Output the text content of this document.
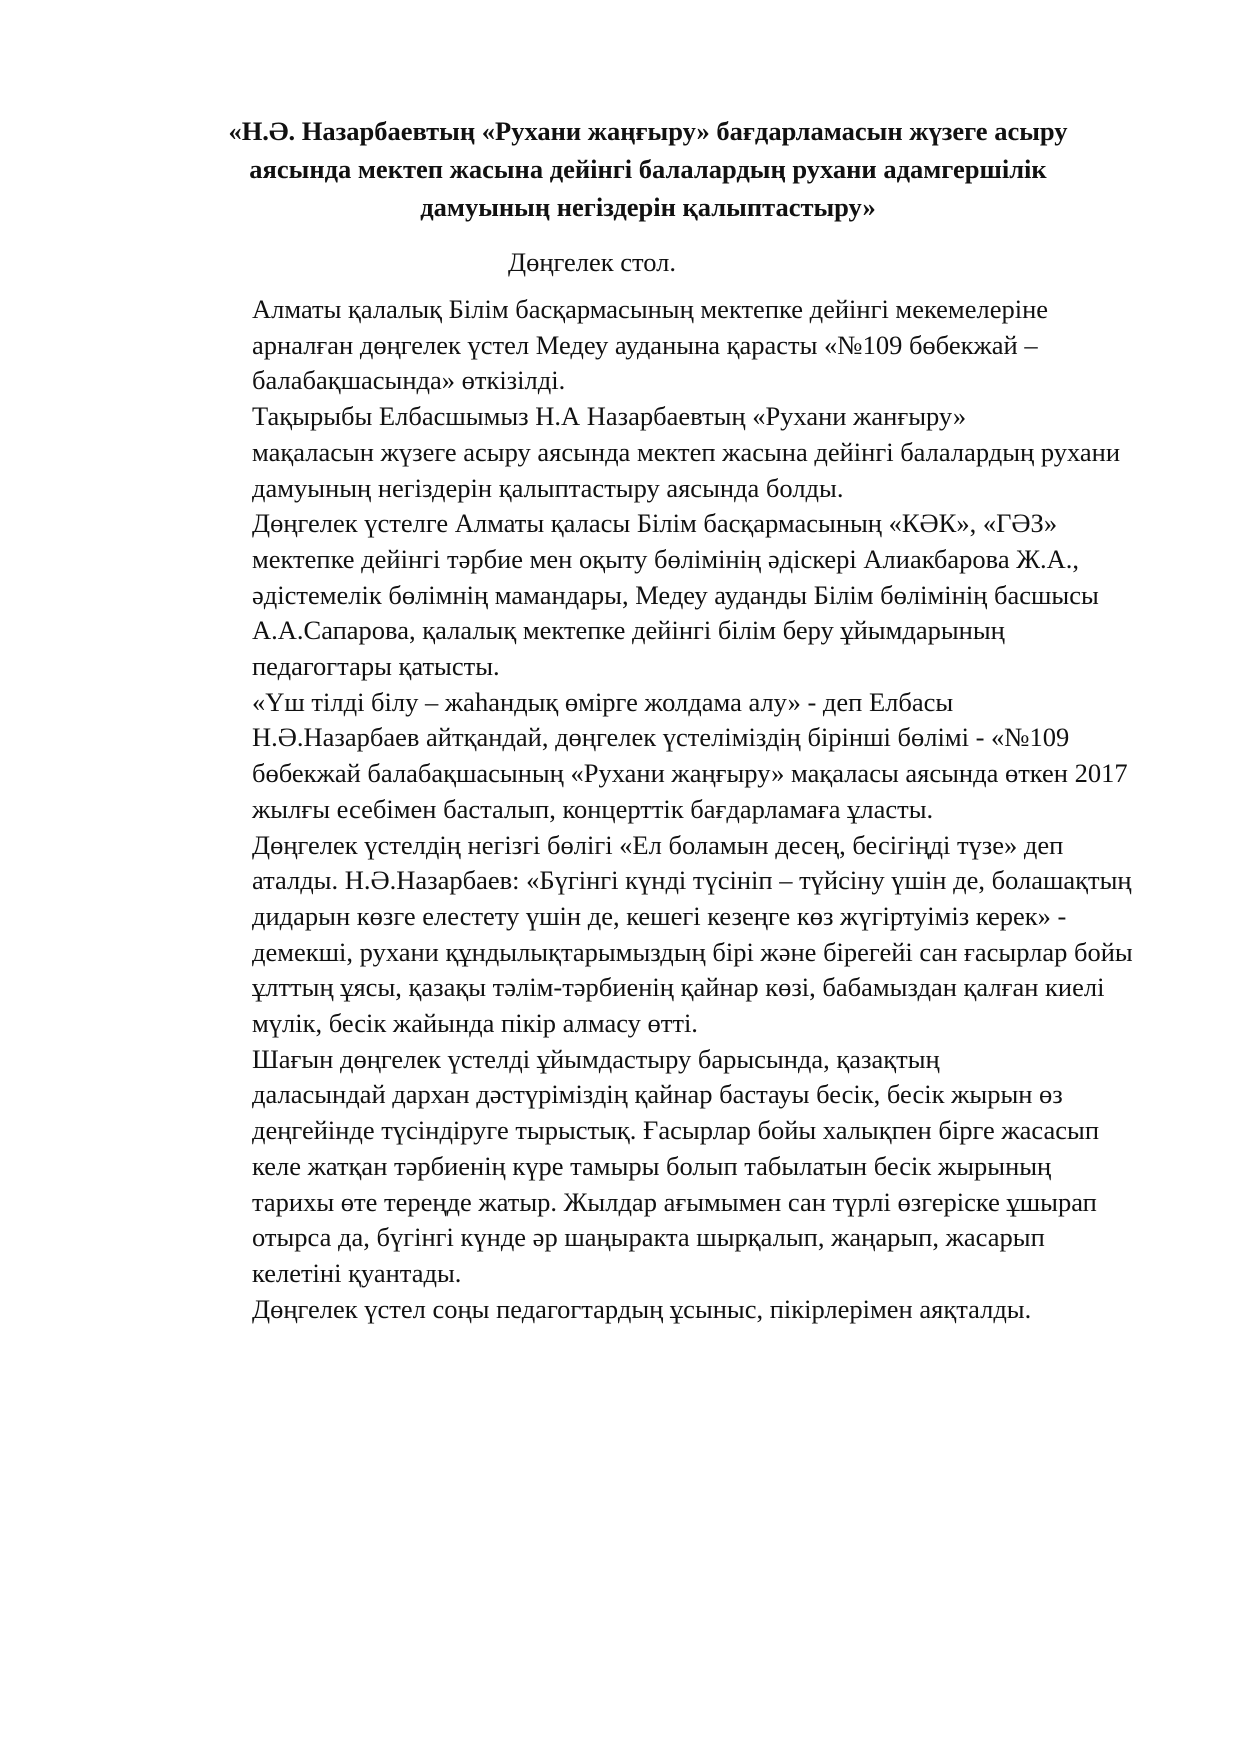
«Н.Ә. Назарбаевтың «Рухани жаңғыру» бағдарламасын жүзеге асыру
аясында мектеп жасына дейінгі балалардың рухани адамгершілік
дамуының негіздерін қалыптастыру»

Дөңгелек стол.

Алматы қалалық Білім басқармасының мектепке дейінгі мекемелеріне
арналған дөңгелек үстел Медеу ауданына қарасты «№109 бөбекжай –
балабақшасында» өткізілді.

Тақырыбы Елбасшымыз Н.А Назарбаевтың «Рухани жанғыру»
мақаласын жүзеге асыру аясында мектеп жасына дейінгі балалардың рухани
дамуының негіздерін қалыптастыру аясында болды.

Дөңгелек үстелге Алматы қаласы Білім басқармасының «КӘК», «ГӘЗ»
мектепке дейінгі тәрбие мен оқыту бөлімінің әдіскері Алиакбарова Ж.А.,
әдістемелік бөлімнің мамандары, Медеу ауданды Білім бөлімінің басшысы
А.А.Сапарова, қалалық мектепке дейінгі білім беру ұйымдарының
педагогтары қатысты.

«Үш тілді білу – жаһандық өмірге жолдама алу» - деп Елбасы
Н.Ә.Назарбаев айтқандай, дөңгелек үстеліміздің бірінші бөлімі - «№109
бөбекжай балабақшасының «Рухани жаңғыру» мақаласы аясында өткен 2017
жылғы есебімен басталып, концерттік бағдарламаға ұласты.

Дөңгелек үстелдің негізгі бөлігі «Ел боламын десең, бесігіңді түзе» деп
аталды. Н.Ә.Назарбаев: «Бүгінгі күнді түсініп – түйсіну үшін де, болашақтың
дидарын көзге елестету үшін де, кешегі кезеңге көз жүгіртуіміз керек» -
демекші, рухани құндылықтарымыздың бірі және бірегейі сан ғасырлар бойы
ұлттың ұясы, қазақы тәлім-тәрбиенің қайнар көзі, бабамыздан қалған киелі
мүлік, бесік жайында пікір алмасу өтті.

Шағын дөңгелек үстелді ұйымдастыру барысында, қазақтың
даласындай дархан дәстүріміздің қайнар бастауы бесік, бесік жырын өз
деңгейінде түсіндіруге тырыстық. Ғасырлар бойы халықпен бірге жасасып
келе жатқан тәрбиенің күре тамыры болып табылатын бесік жырының
тарихы өте тереңде жатыр. Жылдар ағымымен сан түрлі өзгеріске ұшырап
отырса да, бүгінгі күнде әр шаңыракта шырқалып, жаңарып, жасарып
келетіні қуантады.

Дөңгелек үстел соңы педагогтардың ұсыныс, пікірлерімен аяқталды.
